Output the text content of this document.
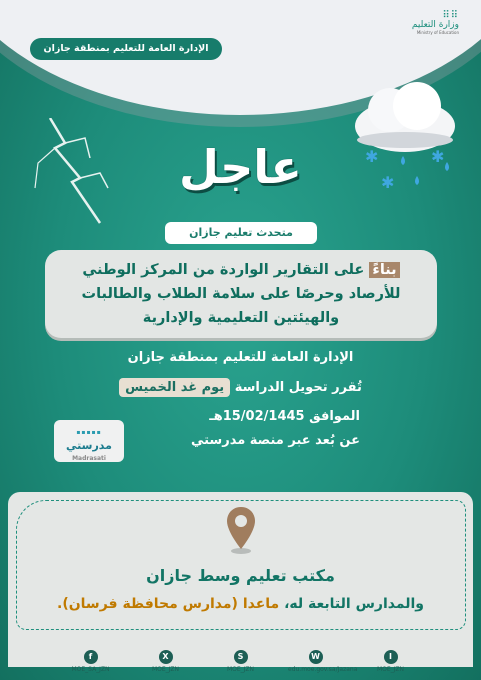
⠿⠿
وزارة التعليم
Ministry of Education
الإدارة العامة للتعليم بمنطقة جازان
✱
✱
✱
عاجل
متحدث تعليم جازان
بناءً على التقارير الواردة من المركز الوطني
للأرصاد وحرصًا على سلامة الطلاب والطالبات
والهيئتين التعليمية والإدارية
الإدارة العامة للتعليم بمنطقة جازان
تُقرر تحويل الدراسة يوم غد الخميس
الموافق 15/02/1445هـ
عن بُعد عبر منصة مدرستي
▪▪▪▪▪
مدرستي
Madrasati
مكتب تعليم وسط جازان
والمدارس التابعة له، ماعدا (مدارس محافظة فرسان).
f
MOE_SA_JZN
X
MOE_JZN
S
MOE_JZN
W
edu.moe.gov.sa/Jazana
I
MOE_JZN
